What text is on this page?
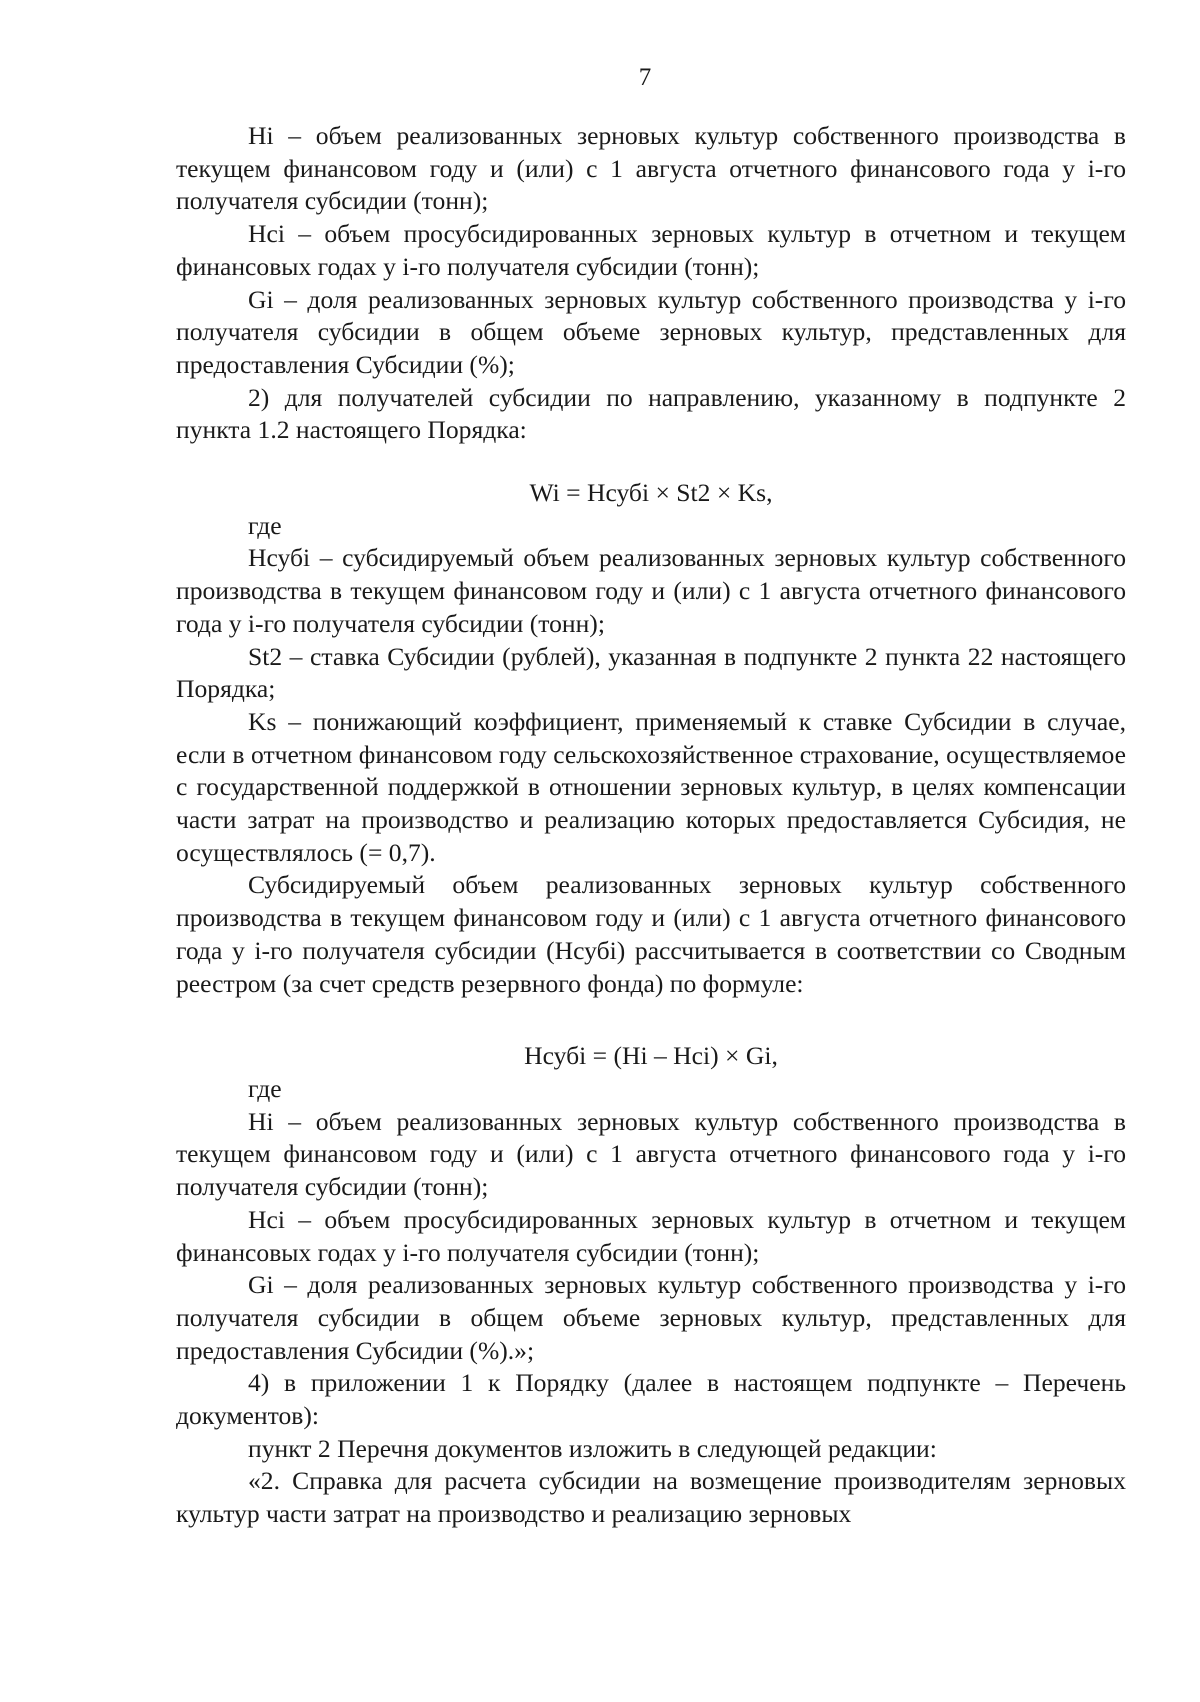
7

Hi – объем реализованных зерновых культур собственного производства в текущем финансовом году и (или) с 1 августа отчетного финансового года у i-го получателя субсидии (тонн);

Hci – объем просубсидированных зерновых культур в отчетном и текущем финансовых годах у i-го получателя субсидии (тонн);

Gi – доля реализованных зерновых культур собственного производства у i-го получателя субсидии в общем объеме зерновых культур, представленных для предоставления Субсидии (%);

2) для получателей субсидии по направлению, указанному в подпункте 2 пункта 1.2 настоящего Порядка:

Wi = Hсубi × St2 × Ks,

где

Hсубi – субсидируемый объем реализованных зерновых культур собственного производства в текущем финансовом году и (или) с 1 августа отчетного финансового года у i-го получателя субсидии (тонн);

St2 – ставка Субсидии (рублей), указанная в подпункте 2 пункта 22 настоящего Порядка;

Ks – понижающий коэффициент, применяемый к ставке Субсидии в случае, если в отчетном финансовом году сельскохозяйственное страхование, осуществляемое с государственной поддержкой в отношении зерновых культур, в целях компенсации части затрат на производство и реализацию которых предоставляется Субсидия, не осуществлялось (= 0,7).

Субсидируемый объем реализованных зерновых культур собственного производства в текущем финансовом году и (или) с 1 августа отчетного финансового года у i-го получателя субсидии (Hсубi) рассчитывается в соответствии со Сводным реестром (за счет средств резервного фонда) по формуле:

Hсубi = (Hi – Hci) × Gi,

где

Hi – объем реализованных зерновых культур собственного производства в текущем финансовом году и (или) с 1 августа отчетного финансового года у i-го получателя субсидии (тонн);

Hci – объем просубсидированных зерновых культур в отчетном и текущем финансовых годах у i-го получателя субсидии (тонн);

Gi – доля реализованных зерновых культур собственного производства у i-го получателя субсидии в общем объеме зерновых культур, представленных для предоставления Субсидии (%).»;

4) в приложении 1 к Порядку (далее в настоящем подпункте – Перечень документов):

пункт 2 Перечня документов изложить в следующей редакции:

«2. Справка для расчета субсидии на возмещение производителям зерновых культур части затрат на производство и реализацию зерновых
